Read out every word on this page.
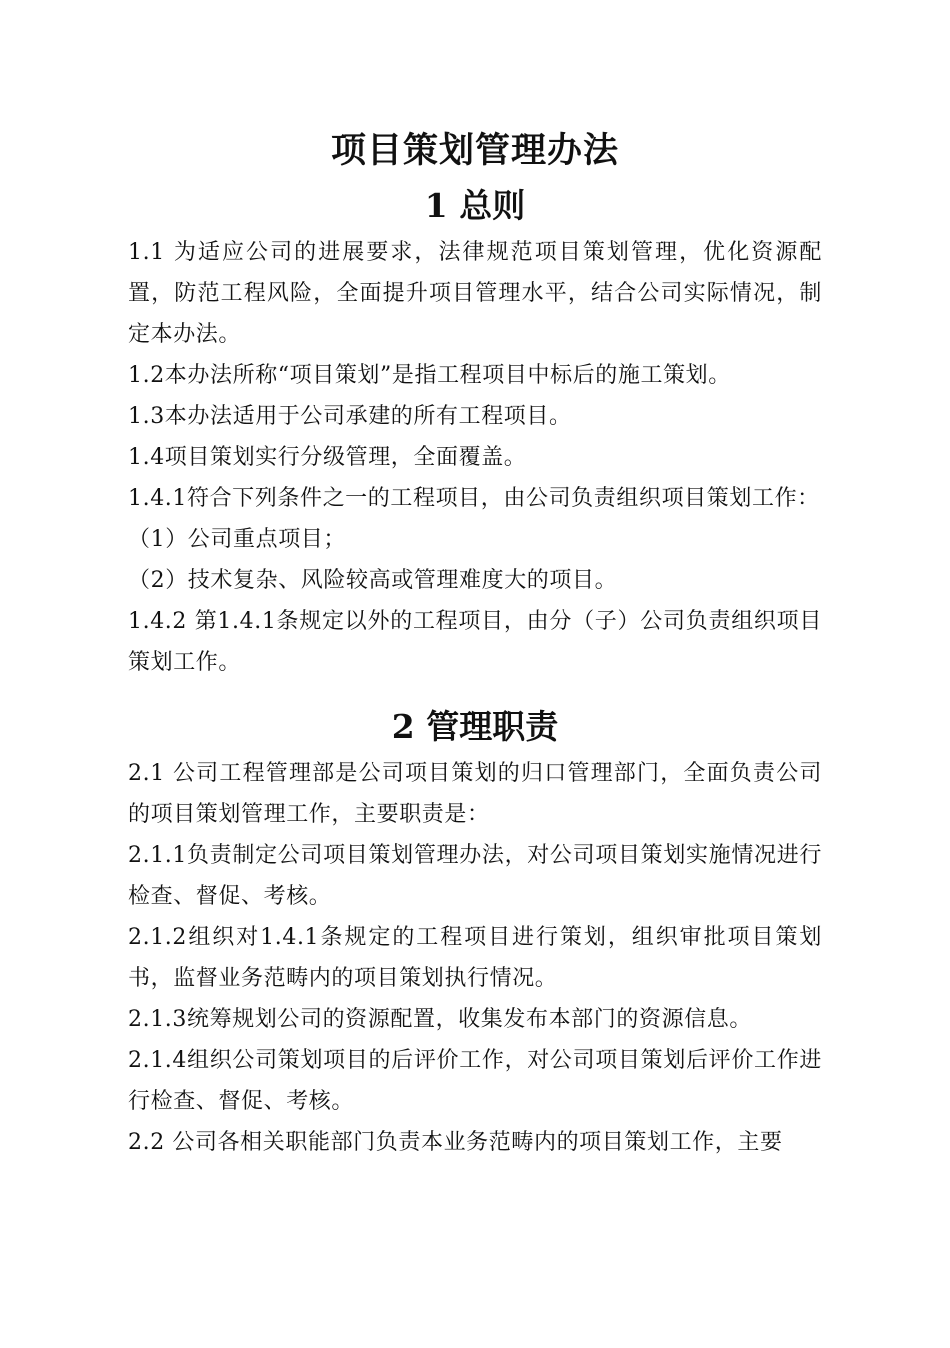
项目策划管理办法
1 总则

1.1 为适应公司的进展要求，法律规范项目策划管理，优化资源配置，防范工程风险，全面提升项目管理水平，结合公司实际情况，制定本办法。

1.2本办法所称“项目策划”是指工程项目中标后的施工策划。

1.3本办法适用于公司承建的所有工程项目。

1.4项目策划实行分级管理，全面覆盖。

1.4.1符合下列条件之一的工程项目，由公司负责组织项目策划工作：

（1）公司重点项目；

（2）技术复杂、风险较高或管理难度大的项目。

1.4.2 第1.4.1条规定以外的工程项目，由分（子）公司负责组织项目策划工作。

2 管理职责

2.1 公司工程管理部是公司项目策划的归口管理部门，全面负责公司的项目策划管理工作，主要职责是：

2.1.1负责制定公司项目策划管理办法，对公司项目策划实施情况进行检查、督促、考核。

2.1.2组织对1.4.1条规定的工程项目进行策划，组织审批项目策划书，监督业务范畴内的项目策划执行情况。

2.1.3统筹规划公司的资源配置，收集发布本部门的资源信息。

2.1.4组织公司策划项目的后评价工作，对公司项目策划后评价工作进行检查、督促、考核。

2.2 公司各相关职能部门负责本业务范畴内的项目策划工作，主要
